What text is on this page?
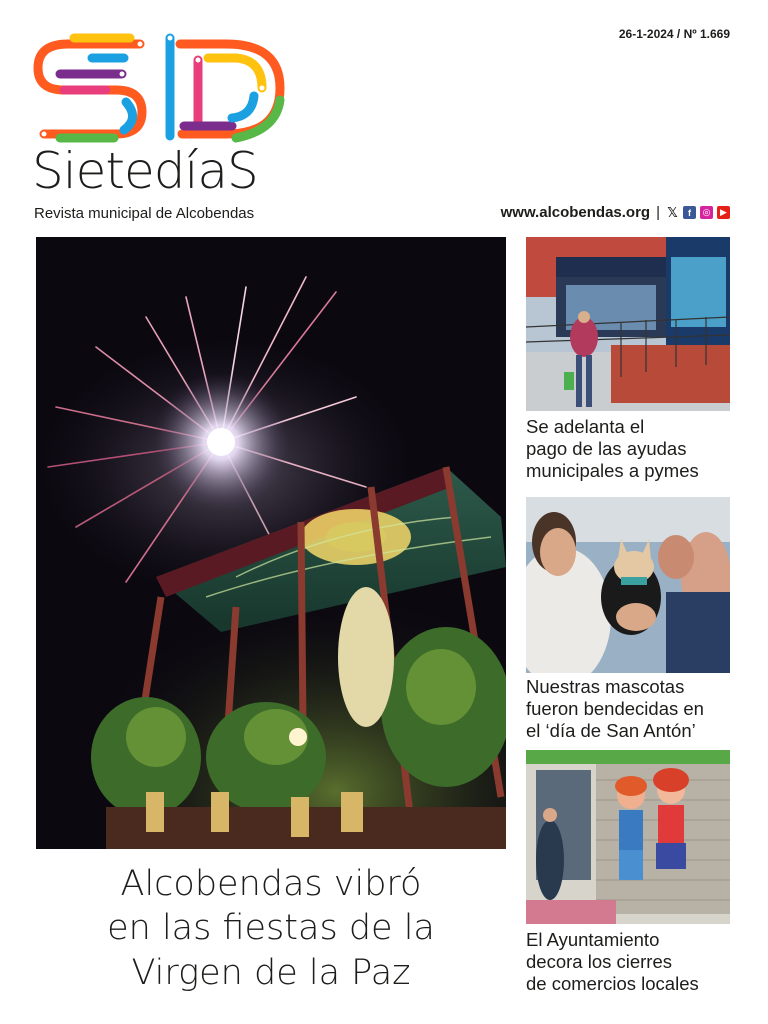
SietedíaS
Revista municipal de Alcobendas
26-1-2024 / Nº 1.669
www.alcobendas.org | 𝕏	f	◎	▶
Alcobendas vibró
en las fiestas de la
Virgen de la Paz
Se adelanta el
pago de las ayudas
municipales a pymes
Nuestras mascotas
fueron bendecidas en
el ‘día de San Antón’
El Ayuntamiento
decora los cierres
de comercios locales
